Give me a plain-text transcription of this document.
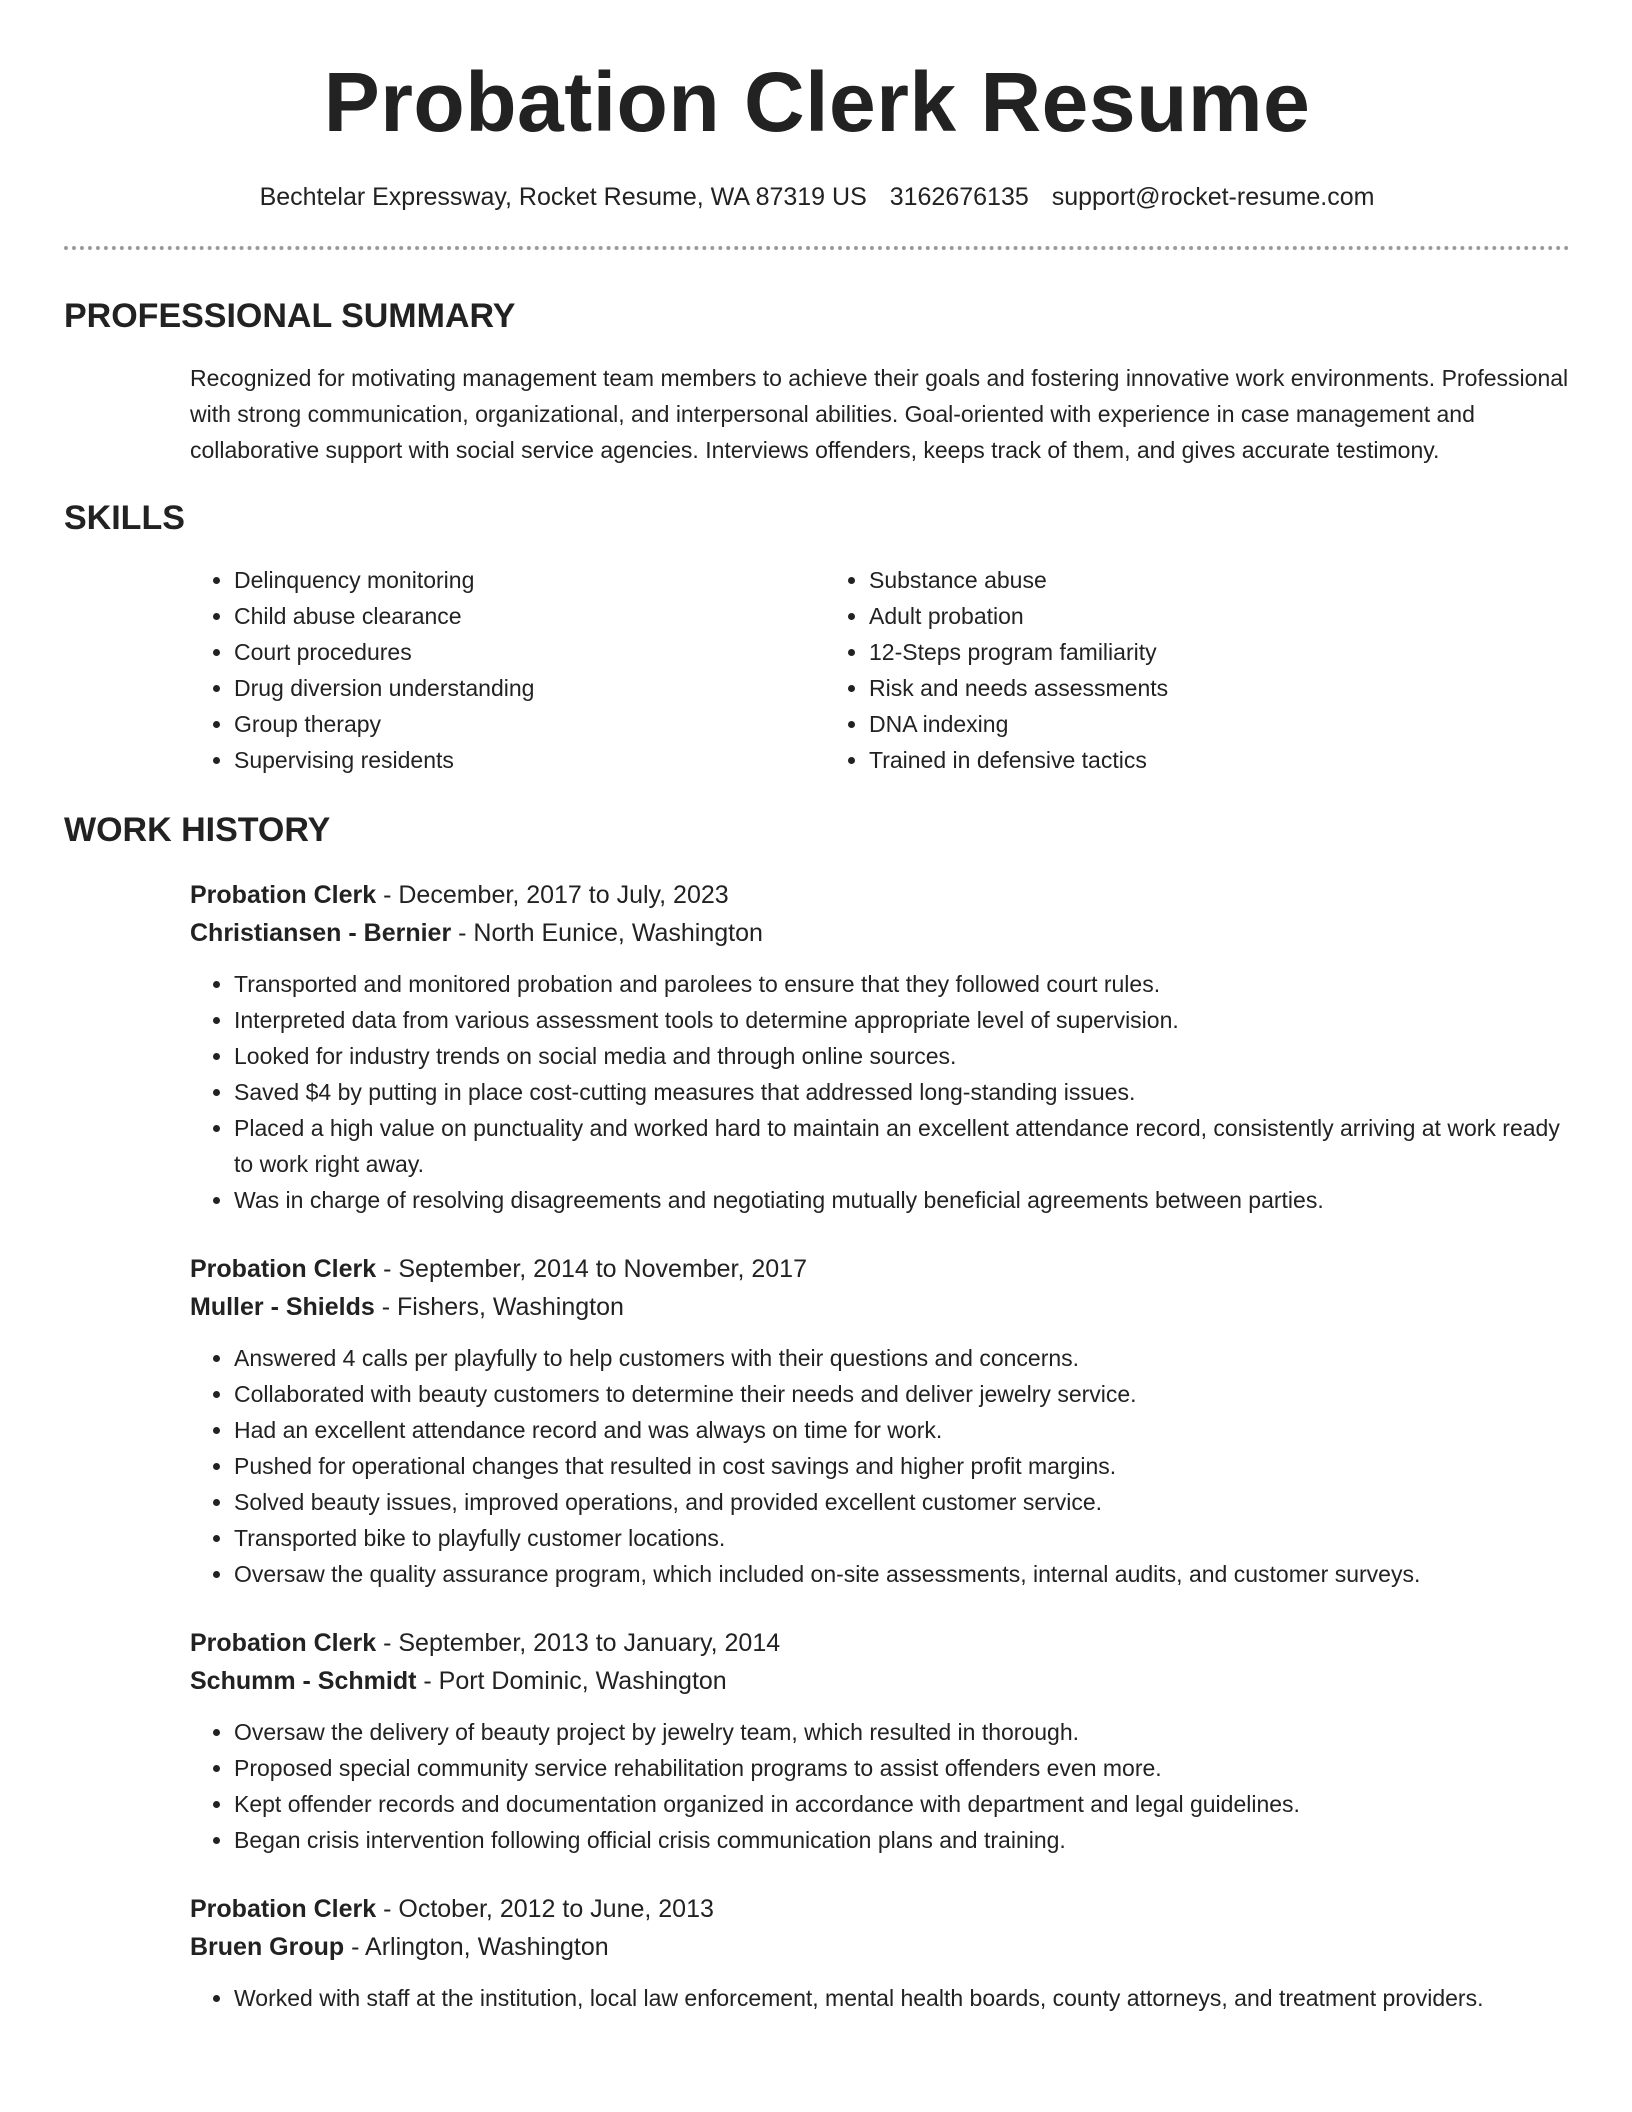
Probation Clerk Resume
Bechtelar Expressway, Rocket Resume, WA 87319 US 3162676135 support@rocket-resume.com
PROFESSIONAL SUMMARY
Recognized for motivating management team members to achieve their goals and fostering innovative work environments. Professional with strong communication, organizational, and interpersonal abilities. Goal-oriented with experience in case management and collaborative support with social service agencies. Interviews offenders, keeps track of them, and gives accurate testimony.
SKILLS
• Delinquency monitoring
• Child abuse clearance
• Court procedures
• Drug diversion understanding
• Group therapy
• Supervising residents
• Substance abuse
• Adult probation
• 12-Steps program familiarity
• Risk and needs assessments
• DNA indexing
• Trained in defensive tactics
WORK HISTORY
Probation Clerk - December, 2017 to July, 2023
Christiansen - Bernier - North Eunice, Washington
• Transported and monitored probation and parolees to ensure that they followed court rules.
• Interpreted data from various assessment tools to determine appropriate level of supervision.
• Looked for industry trends on social media and through online sources.
• Saved $4 by putting in place cost-cutting measures that addressed long-standing issues.
• Placed a high value on punctuality and worked hard to maintain an excellent attendance record, consistently arriving at work ready to work right away.
• Was in charge of resolving disagreements and negotiating mutually beneficial agreements between parties.
Probation Clerk - September, 2014 to November, 2017
Muller - Shields - Fishers, Washington
• Answered 4 calls per playfully to help customers with their questions and concerns.
• Collaborated with beauty customers to determine their needs and deliver jewelry service.
• Had an excellent attendance record and was always on time for work.
• Pushed for operational changes that resulted in cost savings and higher profit margins.
• Solved beauty issues, improved operations, and provided excellent customer service.
• Transported bike to playfully customer locations.
• Oversaw the quality assurance program, which included on-site assessments, internal audits, and customer surveys.
Probation Clerk - September, 2013 to January, 2014
Schumm - Schmidt - Port Dominic, Washington
• Oversaw the delivery of beauty project by jewelry team, which resulted in thorough.
• Proposed special community service rehabilitation programs to assist offenders even more.
• Kept offender records and documentation organized in accordance with department and legal guidelines.
• Began crisis intervention following official crisis communication plans and training.
Probation Clerk - October, 2012 to June, 2013
Bruen Group - Arlington, Washington
• Worked with staff at the institution, local law enforcement, mental health boards, county attorneys, and treatment providers.
